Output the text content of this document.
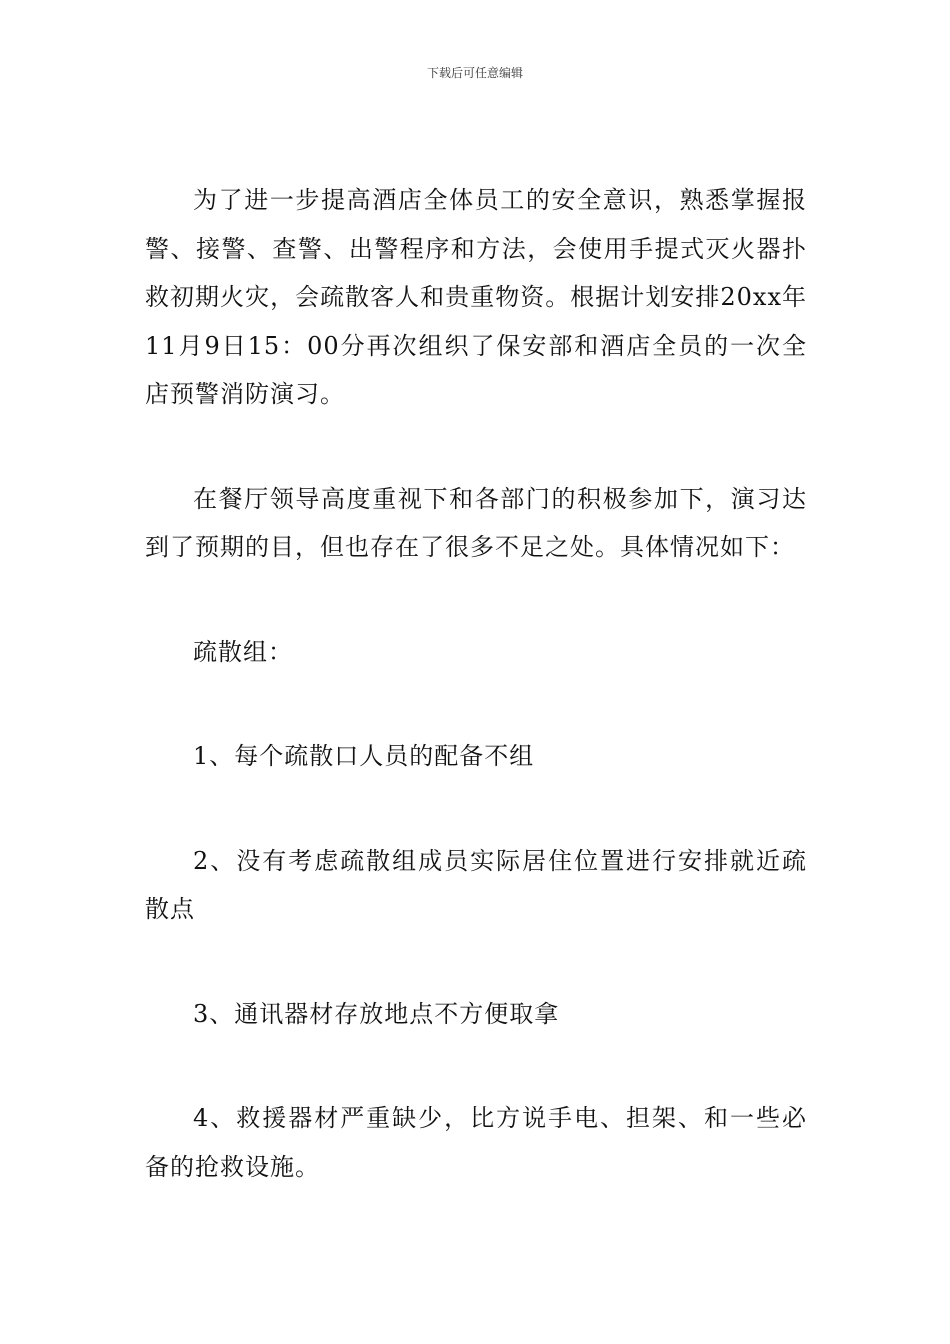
下载后可任意编辑

为了进一步提高酒店全体员工的安全意识，熟悉掌握报警、接警、查警、出警程序和方法，会使用手提式灭火器扑救初期火灾，会疏散客人和贵重物资。根据计划安排20xx年11月9日15：00分再次组织了保安部和酒店全员的一次全店预警消防演习。

在餐厅领导高度重视下和各部门的积极参加下，演习达到了预期的目，但也存在了很多不足之处。具体情况如下：

疏散组：

1、每个疏散口人员的配备不组

2、没有考虑疏散组成员实际居住位置进行安排就近疏散点

3、通讯器材存放地点不方便取拿

4、救援器材严重缺少，比方说手电、担架、和一些必备的抢救设施。
